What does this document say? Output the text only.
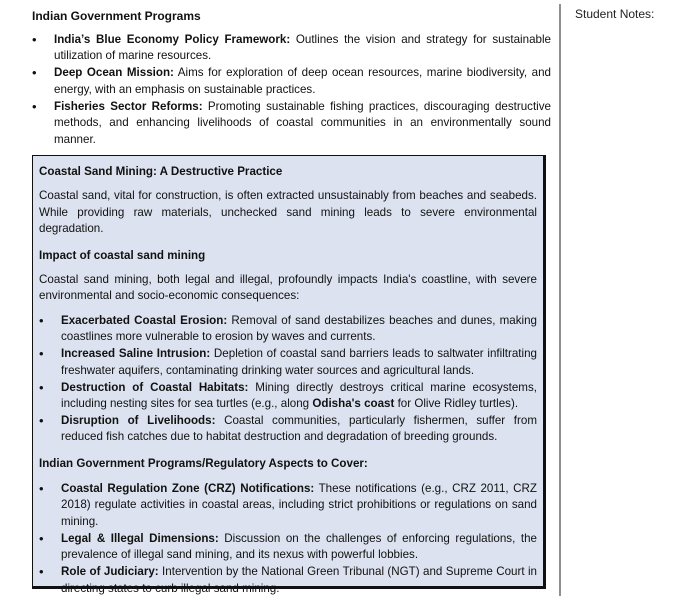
Indian Government Programs

• India’s Blue Economy Policy Framework: Outlines the vision and strategy for sustainable utilization of marine resources.
• Deep Ocean Mission: Aims for exploration of deep ocean resources, marine biodiversity, and energy, with an emphasis on sustainable practices.
• Fisheries Sector Reforms: Promoting sustainable fishing practices, discouraging destructive methods, and enhancing livelihoods of coastal communities in an environmentally sound manner.

Coastal Sand Mining: A Destructive Practice

Coastal sand, vital for construction, is often extracted unsustainably from beaches and seabeds. While providing raw materials, unchecked sand mining leads to severe environmental degradation.

Impact of coastal sand mining

Coastal sand mining, both legal and illegal, profoundly impacts India's coastline, with severe environmental and socio-economic consequences:

• Exacerbated Coastal Erosion: Removal of sand destabilizes beaches and dunes, making coastlines more vulnerable to erosion by waves and currents.
• Increased Saline Intrusion: Depletion of coastal sand barriers leads to saltwater infiltrating freshwater aquifers, contaminating drinking water sources and agricultural lands.
• Destruction of Coastal Habitats: Mining directly destroys critical marine ecosystems, including nesting sites for sea turtles (e.g., along Odisha's coast for Olive Ridley turtles).
• Disruption of Livelihoods: Coastal communities, particularly fishermen, suffer from reduced fish catches due to habitat destruction and degradation of breeding grounds.

Indian Government Programs/Regulatory Aspects to Cover:

• Coastal Regulation Zone (CRZ) Notifications: These notifications (e.g., CRZ 2011, CRZ 2018) regulate activities in coastal areas, including strict prohibitions or regulations on sand mining.
• Legal & Illegal Dimensions: Discussion on the challenges of enforcing regulations, the prevalence of illegal sand mining, and its nexus with powerful lobbies.
• Role of Judiciary: Intervention by the National Green Tribunal (NGT) and Supreme Court in directing states to curb illegal sand mining.
Student Notes:
